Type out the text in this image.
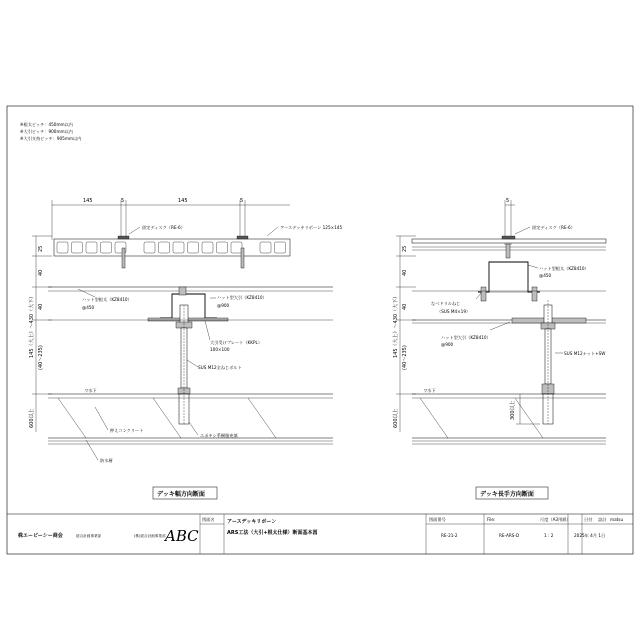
※根太ピッチ：450mm以内
※大引ピッチ：900mm以内
※大引支持ピッチ：905mm以内
145	5	145	5
25
40
40
145（大上）～430（大下） (40～235)
600以上
固定ディスク（RE-6）	アースデッキリボーン 125×145
ハット型根太（KZ8410）
@450
ハット型大引（KZ8410）
@900
大引受けプレート（KKPL）
100×100
SUS M12全ねじボルト
▽水下
押えコンクリート
エポキシ系樹脂充填
防水層
デッキ幅方向断面
5
300以上
25
40
40
145（大上）～430（大下） (40～235)
600以上
固定ディスク（RE-6）
ハット型根太（KZ8410）
@450
なべドリルねじ
（SUS M4×19）
ハット型大引（KZ8410）
@900
SUS M12ナット+SW
▽水下
デッキ長手方向断面
株エービーシー商会	総合計画事業部	(株)総合計画事業部 ABC
図面名 アースデッキリボーン
ARS工法（大引+根太仕様）断面基本図
図面番号
RE-21-2
File:
RE-ARS-D
尺度（A3用紙）
1 : 2
日付
2025年 4月 1日
設計 matsu
